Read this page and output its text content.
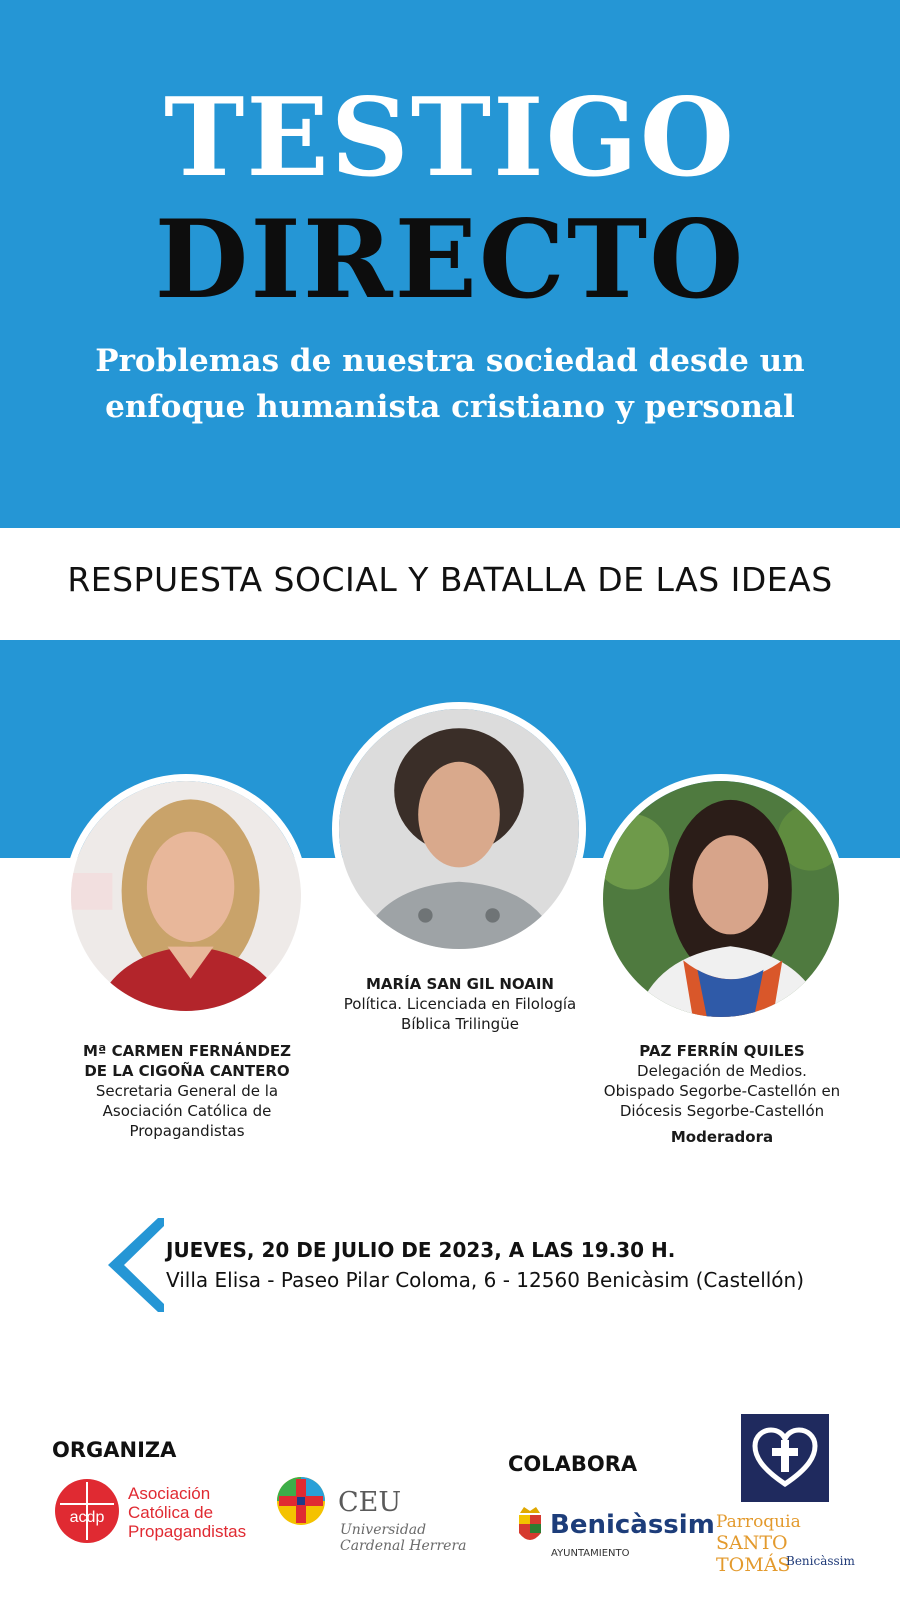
TESTIGO
DIRECTO
Problemas de nuestra sociedad desde un
enfoque humanista cristiano y personal
RESPUESTA SOCIAL Y BATALLA DE LAS IDEAS
MARÍA SAN GIL NOAIN
Política. Licenciada en Filología
Bíblica Trilingüe
Mª CARMEN FERNÁNDEZ
DE LA CIGOÑA CANTERO
Secretaria General de la
Asociación Católica de
Propagandistas
PAZ FERRÍN QUILES
Delegación de Medios.
Obispado Segorbe-Castellón en
Diócesis Segorbe-Castellón
Moderadora
JUEVES, 20 DE JULIO DE 2023, A LAS 19.30 H.
Villa Elisa - Paseo Pilar Coloma, 6 - 12560 Benicàsim (Castellón)
ORGANIZA
COLABORA
acdp
Asociación
Católica de
Propagandistas
CEU
Universidad
Cardenal Herrera
Benicàssim
AYUNTAMIENTO
Parroquia
SANTO TOMÁS
Benicàssim
